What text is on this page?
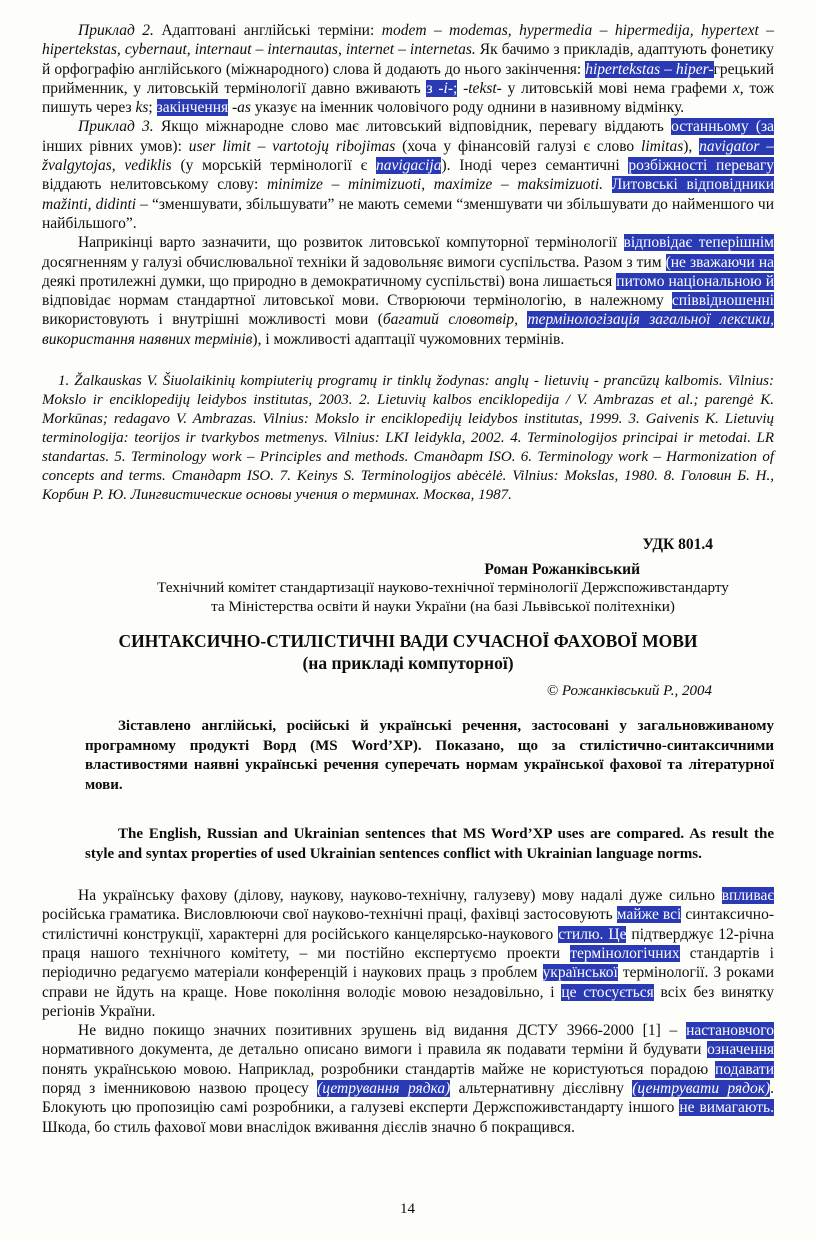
Приклад 2. Адаптовані англійські терміни: modem – modemas, hypermedia – hipermedija, hypertext – hipertekstas, cybernaut, internaut – internautas, internet – internetas. Як бачимо з прикладів, адаптують фонетику й орфографію англійського (міжнародного) слова й додають до нього закінчення: hipertekstas – hiper-грецький прийменник, у литовській термінології давно вживають з -i-; -tekst- у литовській мові нема графеми x, тож пишуть через ks; закінчення -as указує на іменник чоловічого роду однини в називному відмінку.

Приклад 3. Якщо міжнародне слово має литовський відповідник, перевагу віддають останньому (за інших рівних умов): user limit – vartotojų ribojimas (хоча у фінансовій галузі є слово limitas), navigator – žvalgytojas, vediklis (у морській термінології є navigacija). Іноді через семантичні розбіжності перевагу віддають нелитовському слову: minimize – minimizuoti, maximize – maksimizuoti. Литовські відповідники mažinti, didinti – “зменшувати, збільшувати” не мають семеми “зменшувати чи збільшувати до найменшого чи найбільшого”.

Наприкінці варто зазначити, що розвиток литовської компуторної термінології відповідає теперішнім досягненням у галузі обчислювальної техніки й задовольняє вимоги суспільства. Разом з тим (не зважаючи на деякі протилежні думки, що природно в демократичному суспільстві) вона лишається питомо національною й відповідає нормам стандартної литовської мови. Створюючи термінологію, в належному співвідношенні використовують і внутрішні можливості мови (багатий словотвір, термінологізація загальної лексики, використання наявних термінів), і можливості адаптації чужомовних термінів.

1. Žalkauskas V. Šiuolaikinių kompiuterių programų ir tinklų žodynas: anglų - lietuvių - prancūzų kalbomis. Vilnius: Mokslo ir enciklopedijų leidybos institutas, 2003. 2. Lietuvių kalbos enciklopedija / V. Ambrazas et al.; parengė K. Morkūnas; redagavo V. Ambrazas. Vilnius: Mokslo ir enciklopedijų leidybos institutas, 1999. 3. Gaivenis K. Lietuvių terminologija: teorijos ir tvarkybos metmenys. Vilnius: LKI leidykla, 2002. 4. Terminologijos principai ir metodai. LR standartas. 5. Terminology work – Principles and methods. Стандарт ISO. 6. Terminology work – Harmonization of concepts and terms. Стандарт ISO. 7. Keinys S. Terminologijos abėcėlė. Vilnius: Mokslas, 1980. 8. Головин Б. Н., Корбин Р. Ю. Лингвистические основы учения о терминах. Москва, 1987.

УДК 801.4
Роман Рожанківський
Технічний комітет стандартизації науково-технічної термінології Держспоживстандарту
та Міністерства освіти й науки України (на базі Львівської політехніки)
СИНТАКСИЧНО-СТИЛІСТИЧНІ ВАДИ СУЧАСНОЇ ФАХОВОЇ МОВИ
(на прикладі компуторної)
© Рожанківський Р., 2004

Зіставлено англійські, російські й українські речення, застосовані у загальновживаному програмному продукті Ворд (MS Word’XP). Показано, що за стилістично-синтаксичними властивостями наявні українські речення суперечать нормам української фахової та літературної мови.

The English, Russian and Ukrainian sentences that MS Word’XP uses are compared. As result the style and syntax properties of used Ukrainian sentences conflict with Ukrainian language norms.

На українську фахову (ділову, наукову, науково-технічну, галузеву) мову надалі дуже сильно впливає російська граматика. Висловлюючи свої науково-технічні праці, фахівці застосовують майже всі синтаксично-стилістичні конструкції, характерні для російського канцелярсько-наукового стилю. Це підтверджує 12-річна праця нашого технічного комітету, – ми постійно експертуємо проекти термінологічних стандартів і періодично редагуємо матеріали конференцій і наукових праць з проблем української термінології. З роками справи не йдуть на краще. Нове покоління володіє мовою незадовільно, і це стосується всіх без винятку регіонів України.

Не видно покищо значних позитивних зрушень від видання ДСТУ 3966-2000 [1] – настановчого нормативного документа, де детально описано вимоги і правила як подавати терміни й будувати означення понять українською мовою. Наприклад, розробники стандартів майже не користуються порадою подавати поряд з іменниковою назвою процесу (цетрування рядка) альтернативну дієслівну (центрувати рядок). Блокують цю пропозицію самі розробники, а галузеві експерти Держспоживстандарту іншого не вимагають. Шкода, бо стиль фахової мови внаслідок вживання дієслів значно б покращився.

14
